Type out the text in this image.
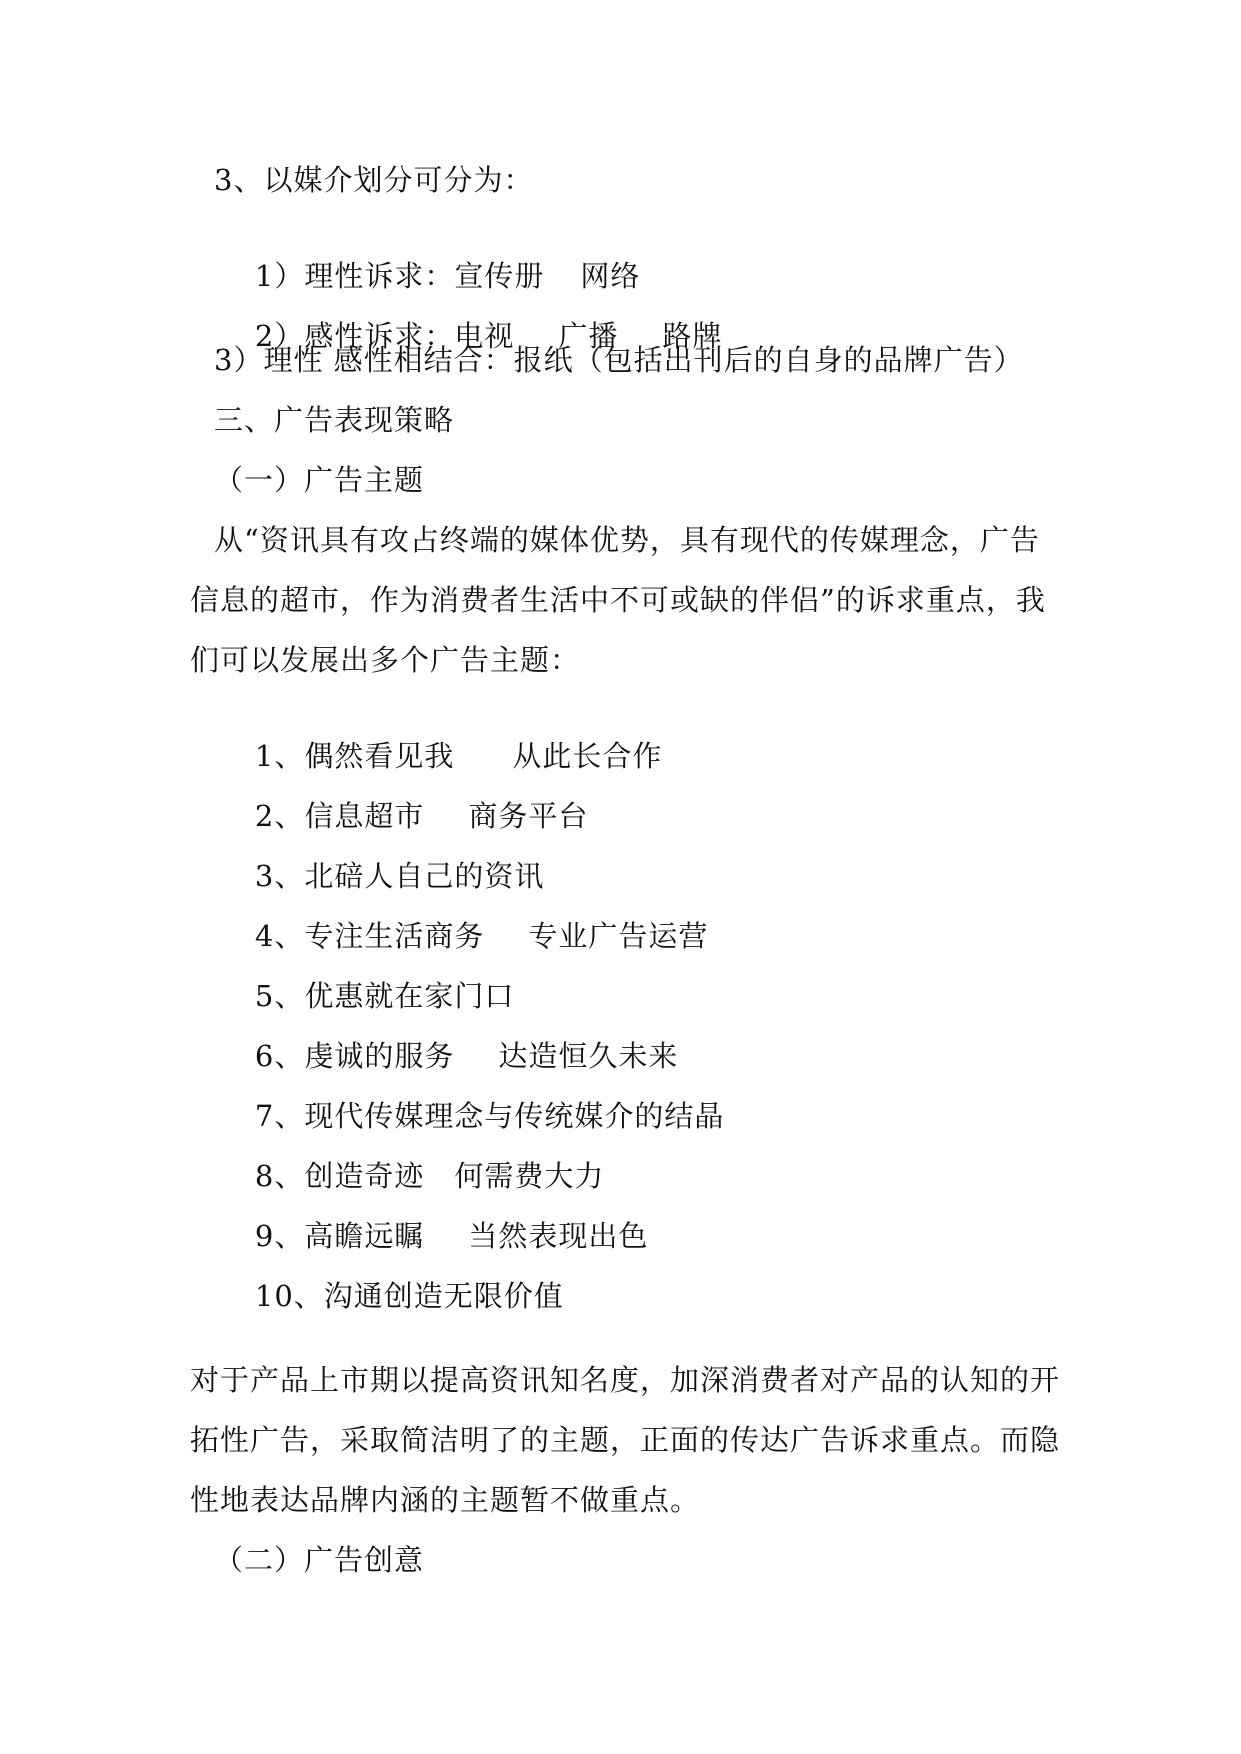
3、以媒介划分可分为：

1）理性诉求：宣传册 网络

2）感性诉求：电视 广播 路牌

3）理性 感性相结合：报纸（包括出刊后的自身的品牌广告）
三、广告表现策略
（一）广告主题
从“资讯具有攻占终端的媒体优势，具有现代的传媒理念，广告
信息的超市，作为消费者生活中不可或缺的伴侣”的诉求重点，我
们可以发展出多个广告主题：

1、偶然看见我 从此长合作

2、信息超市 商务平台

3、北碚人自己的资讯

4、专注生活商务 专业广告运营

5、优惠就在家门口

6、虔诚的服务 达造恒久未来

7、现代传媒理念与传统媒介的结晶

8、创造奇迹 何需费大力

9、高瞻远瞩 当然表现出色

10、沟通创造无限价值

对于产品上市期以提高资讯知名度，加深消费者对产品的认知的开
拓性广告，采取简洁明了的主题，正面的传达广告诉求重点。而隐
性地表达品牌内涵的主题暂不做重点。
（二）广告创意
